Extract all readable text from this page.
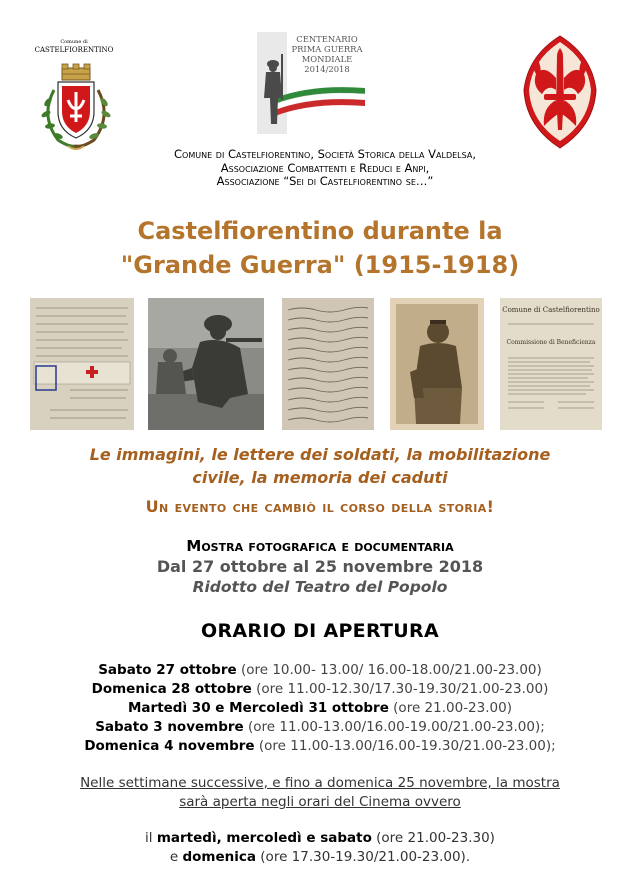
Comune di
CASTELFIORENTINO
CENTENARIO
PRIMA GUERRA
MONDIALE
2014/2018
Comune di Castelfiorentino, Società Storica della Valdelsa,
Associazione Combattenti e Reduci e Anpi,
Associazione “Sei di Castelfiorentino se…”
Castelfiorentino durante la
"Grande Guerra" (1915-1918)
Comune di Castelfiorentino
Commissione di Beneficienza
Le immagini, le lettere dei soldati, la mobilitazione
civile, la memoria dei caduti
Un evento che cambiò il corso della storia!
Mostra fotografica e documentaria
Dal 27 ottobre al 25 novembre 2018
Ridotto del Teatro del Popolo
ORARIO DI APERTURA
Sabato 27 ottobre (ore 10.00- 13.00/ 16.00-18.00/21.00-23.00)
Domenica 28 ottobre (ore 11.00-12.30/17.30-19.30/21.00-23.00)
Martedì 30 e Mercoledì 31 ottobre (ore 21.00-23.00)
Sabato 3 novembre (ore 11.00-13.00/16.00-19.00/21.00-23.00);
Domenica 4 novembre (ore 11.00-13.00/16.00-19.30/21.00-23.00);
Nelle settimane successive, e fino a domenica 25 novembre, la mostra
sarà aperta negli orari del Cinema ovvero
il martedì, mercoledì e sabato (ore 21.00-23.30)
e domenica (ore 17.30-19.30/21.00-23.00).
